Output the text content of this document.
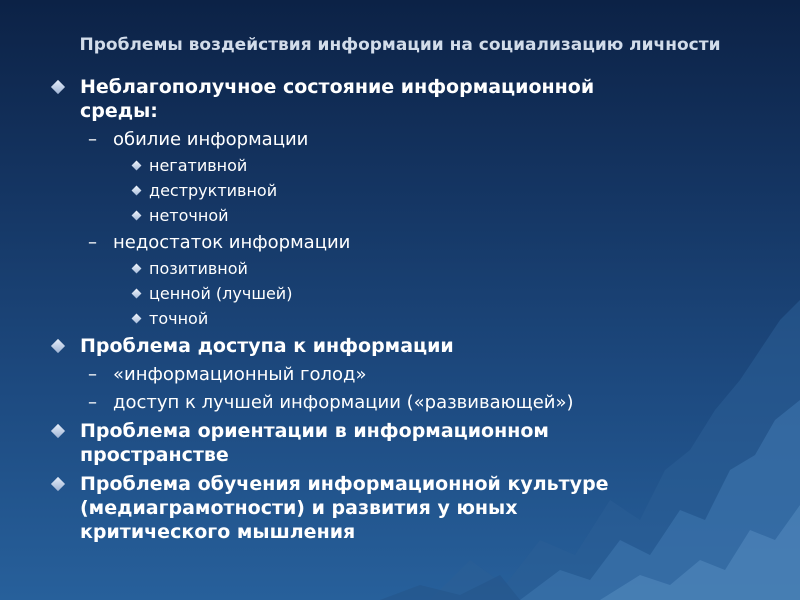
Проблемы воздействия информации на социализацию личности
Неблагополучное состояние информационной
среды:
– обилие информации
негативной
деструктивной
неточной
– недостаток информации
позитивной
ценной (лучшей)
точной
Проблема доступа к информации
– «информационный голод»
– доступ к лучшей информации («развивающей»)
Проблема ориентации в информационном
пространстве
Проблема обучения информационной культуре
(медиаграмотности) и развития у юных
критического мышления
